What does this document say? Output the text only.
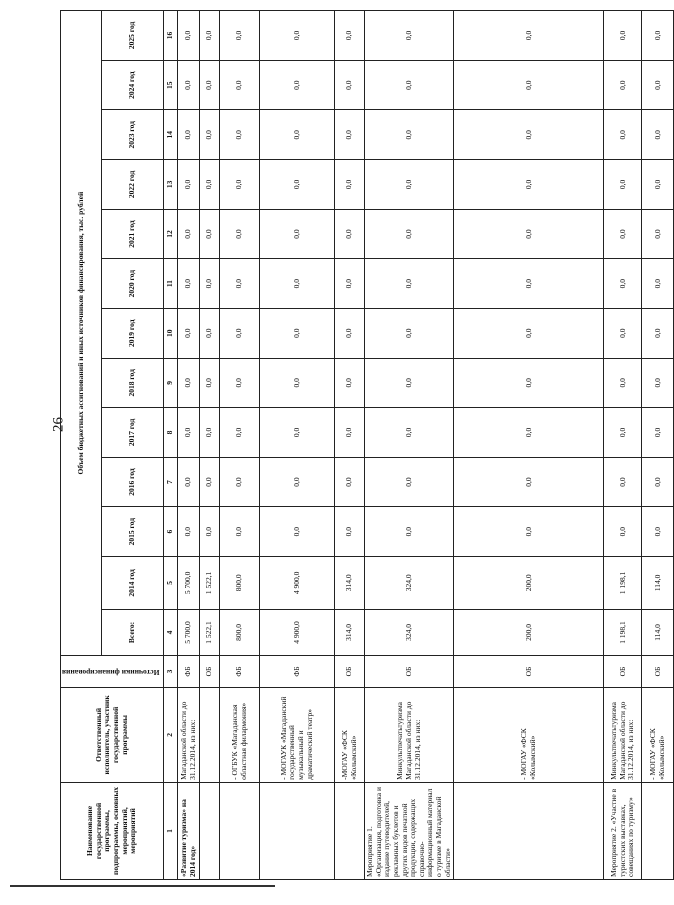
26
Наименование государственной программы, подпрограммы, основных мероприятий, мероприятий	Ответственный исполнитель, участник государственной программы	Источники финансирования	Объем бюджетных ассигнований и иных источников финансирования, тыс. рублей												
			Всего:	2014 год	2015 год	2016 год	2017 год	2018 год	2019 год	2020 год	2021 год	2022 год	2023 год	2024 год	2025 год
1	2	3	4	5	6	7	8	9	10	11	12	13	14	15	16
«Развитие туризма» на 2014 год»	Магаданской области до 31.12.2014, из них:	ФБ	5 700,0	5 700,0	0,0	0,0	0,0	0,0	0,0	0,0	0,0	0,0	0,0	0,0	0,0
		ОБ	1 522,1	1 522,1	0,0	0,0	0,0	0,0	0,0	0,0	0,0	0,0	0,0	0,0	0,0
	- ОГБУК «Магаданская областная филармония»	ФБ	800,0	800,0	0,0	0,0	0,0	0,0	0,0	0,0	0,0	0,0	0,0	0,0	0,0
	- МОГАУК «Магаданский государственный музыкальный и драматический театр»	ФБ	4 900,0	4 900,0	0,0	0,0	0,0	0,0	0,0	0,0	0,0	0,0	0,0	0,0	0,0
	-МОГАУ «ФСК «Колымский»	ОБ	314,0	314,0	0,0	0,0	0,0	0,0	0,0	0,0	0,0	0,0	0,0	0,0	0,0
Мероприятие 1. «Организация, подготовка и издание путеводителей, рекламных буклетов и других видов печатной продукции, содержащих справочно-информационный материал о туризме в Магаданской области»	Минкультпечатьтуризма Магаданской области до 31.12.2014, из них:	ОБ	324,0	324,0	0,0	0,0	0,0	0,0	0,0	0,0	0,0	0,0	0,0	0,0	0,0
	- МОГАУ «ФСК «Колымский»	ОБ	200,0	200,0	0,0	0,0	0,0	0,0	0,0	0,0	0,0	0,0	0,0	0,0	0,0
Мероприятие 2. «Участие в туристских выставках, совещаниях по туризму»	Минкультпечатьтуризма Магаданской области до 31.12.2014, из них:	ОБ	1 198,1	1 198,1	0,0	0,0	0,0	0,0	0,0	0,0	0,0	0,0	0,0	0,0	0,0
	- МОГАУ «ФСК «Колымский»	ОБ	114,0	114,0	0,0	0,0	0,0	0,0	0,0	0,0	0,0	0,0	0,0	0,0	0,0
